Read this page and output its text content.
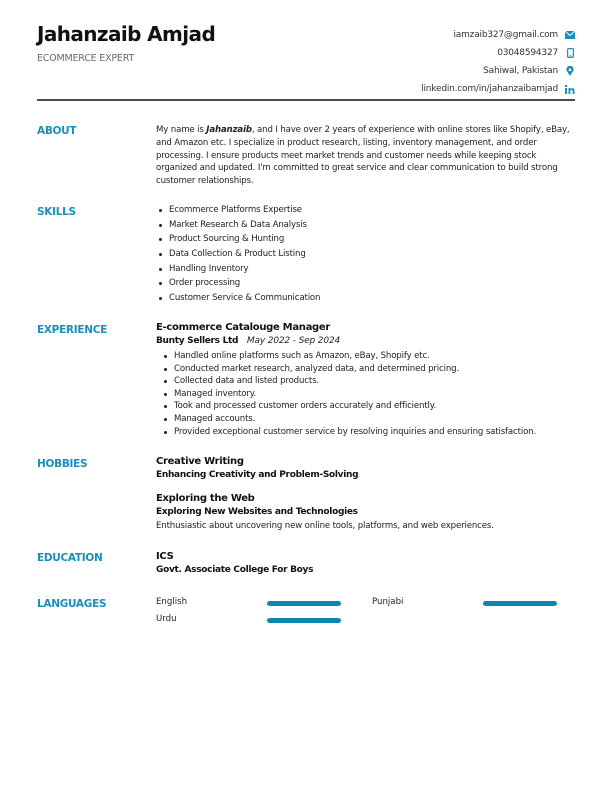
Jahanzaib Amjad
ECOMMERCE EXPERT
iamzaib327@gmail.com
03048594327
Sahiwal, Pakistan
linkedin.com/in/jahanzaibamjad
ABOUT	My name is Jahanzaib, and I have over 2 years of experience with online stores like Shopify, eBay, and Amazon etc. I specialize in product research, listing, inventory management, and order processing. I ensure products meet market trends and customer needs while keeping stock organized and updated. I'm committed to great service and clear communication to build strong customer relationships.
SKILLS	Ecommerce Platforms Expertise
Market Research & Data Analysis
Product Sourcing & Hunting
Data Collection & Product Listing
Handling Inventory
Order processing
Customer Service & Communication
EXPERIENCE	E-commerce Catalouge Manager
Bunty Sellers Ltd May 2022 - Sep 2024
Handled online platforms such as Amazon, eBay, Shopify etc.
Conducted market research, analyzed data, and determined pricing.
Collected data and listed products.
Managed inventory.
Took and processed customer orders accurately and efficiently.
Managed accounts.
Provided exceptional customer service by resolving inquiries and ensuring satisfaction.
HOBBIES	Creative Writing
Enhancing Creativity and Problem-Solving
Exploring the Web
Exploring New Websites and Technologies
Enthusiastic about uncovering new online tools, platforms, and web experiences.
EDUCATION	ICS
Govt. Associate College For Boys
LANGUAGES	English	Punjabi
Urdu
